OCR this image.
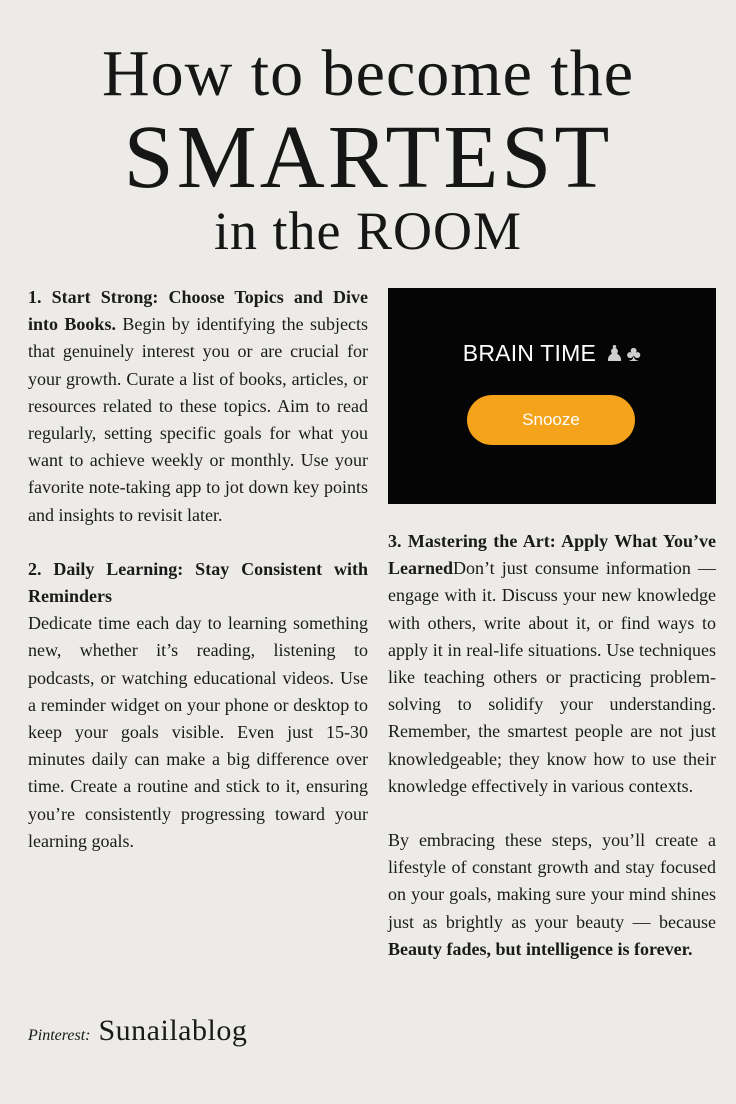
How to become the
SMARTEST
in the ROOM

1. Start Strong: Choose Topics and Dive into Books. Begin by identifying the subjects that genuinely interest you or are crucial for your growth. Curate a list of books, articles, or resources related to these topics. Aim to read regularly, setting specific goals for what you want to achieve weekly or monthly. Use your favorite note-taking app to jot down key points and insights to revisit later.

2. Daily Learning: Stay Consistent with Reminders

Dedicate time each day to learning something new, whether it’s reading, listening to podcasts, or watching educational videos. Use a reminder widget on your phone or desktop to keep your goals visible. Even just 15-30 minutes daily can make a big difference over time. Create a routine and stick to it, ensuring you’re consistently progressing toward your learning goals.

BRAIN TIME ♟♣
Snooze

3. Mastering the Art: Apply What You’ve LearnedDon’t just consume information — engage with it. Discuss your new knowledge with others, write about it, or find ways to apply it in real-life situations. Use techniques like teaching others or practicing problem-solving to solidify your understanding. Remember, the smartest people are not just knowledgeable; they know how to use their knowledge effectively in various contexts.

By embracing these steps, you’ll create a lifestyle of constant growth and stay focused on your goals, making sure your mind shines just as brightly as your beauty — because Beauty fades, but intelligence is forever.

Pinterest: Sunailablog
